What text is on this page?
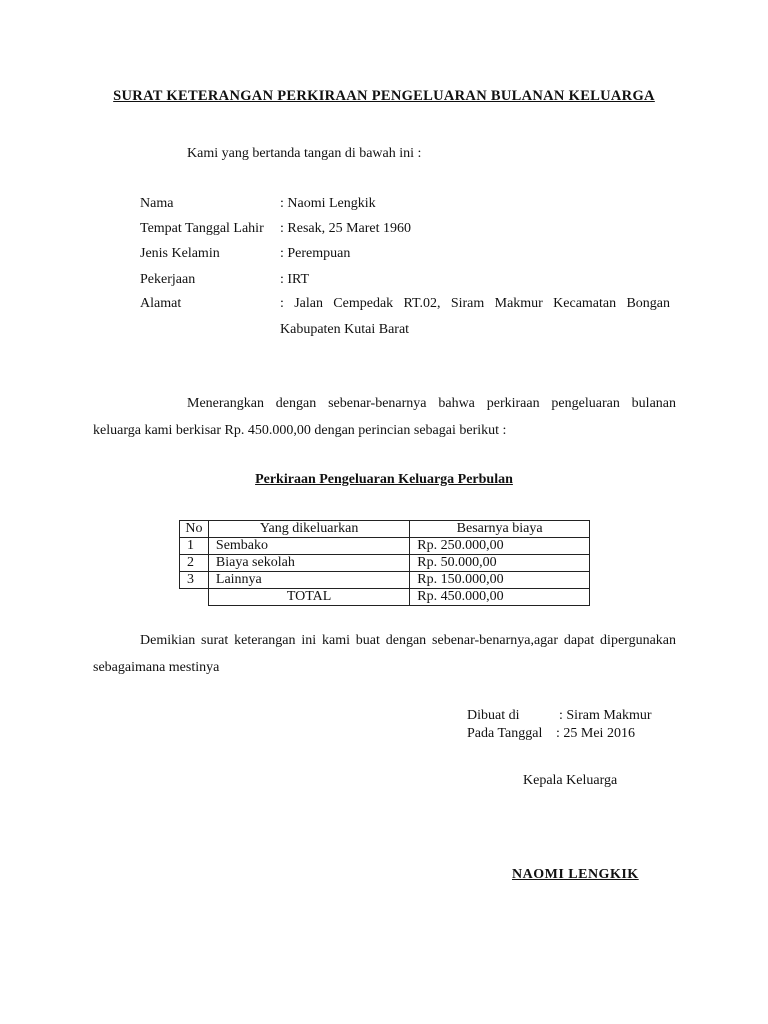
SURAT KETERANGAN PERKIRAAN PENGELUARAN BULANAN KELUARGA
Kami yang bertanda tangan di bawah ini :
Nama	: Naomi Lengkik
Tempat Tanggal Lahir : Resak, 25 Maret 1960
Jenis Kelamin	: Perempuan
Pekerjaan	: IRT
Alamat	: Jalan Cempedak RT.02, Siram Makmur Kecamatan Bongan
Kabupaten Kutai Barat
Menerangkan dengan sebenar-benarnya bahwa perkiraan pengeluaran bulanan keluarga kami berkisar Rp. 450.000,00 dengan perincian sebagai berikut :
Perkiraan Pengeluaran Keluarga Perbulan
No	Yang dikeluarkan	Besarnya biaya
1	Sembako	Rp. 250.000,00
2	Biaya sekolah	Rp. 50.000,00
3	Lainnya	Rp. 150.000,00
	TOTAL	Rp. 450.000,00
Demikian surat keterangan ini kami buat dengan sebenar-benarnya,agar dapat dipergunakan sebagaimana mestinya
Dibuat di	: Siram Makmur
Pada Tanggal : 25 Mei 2016
Kepala Keluarga
NAOMI LENGKIK
